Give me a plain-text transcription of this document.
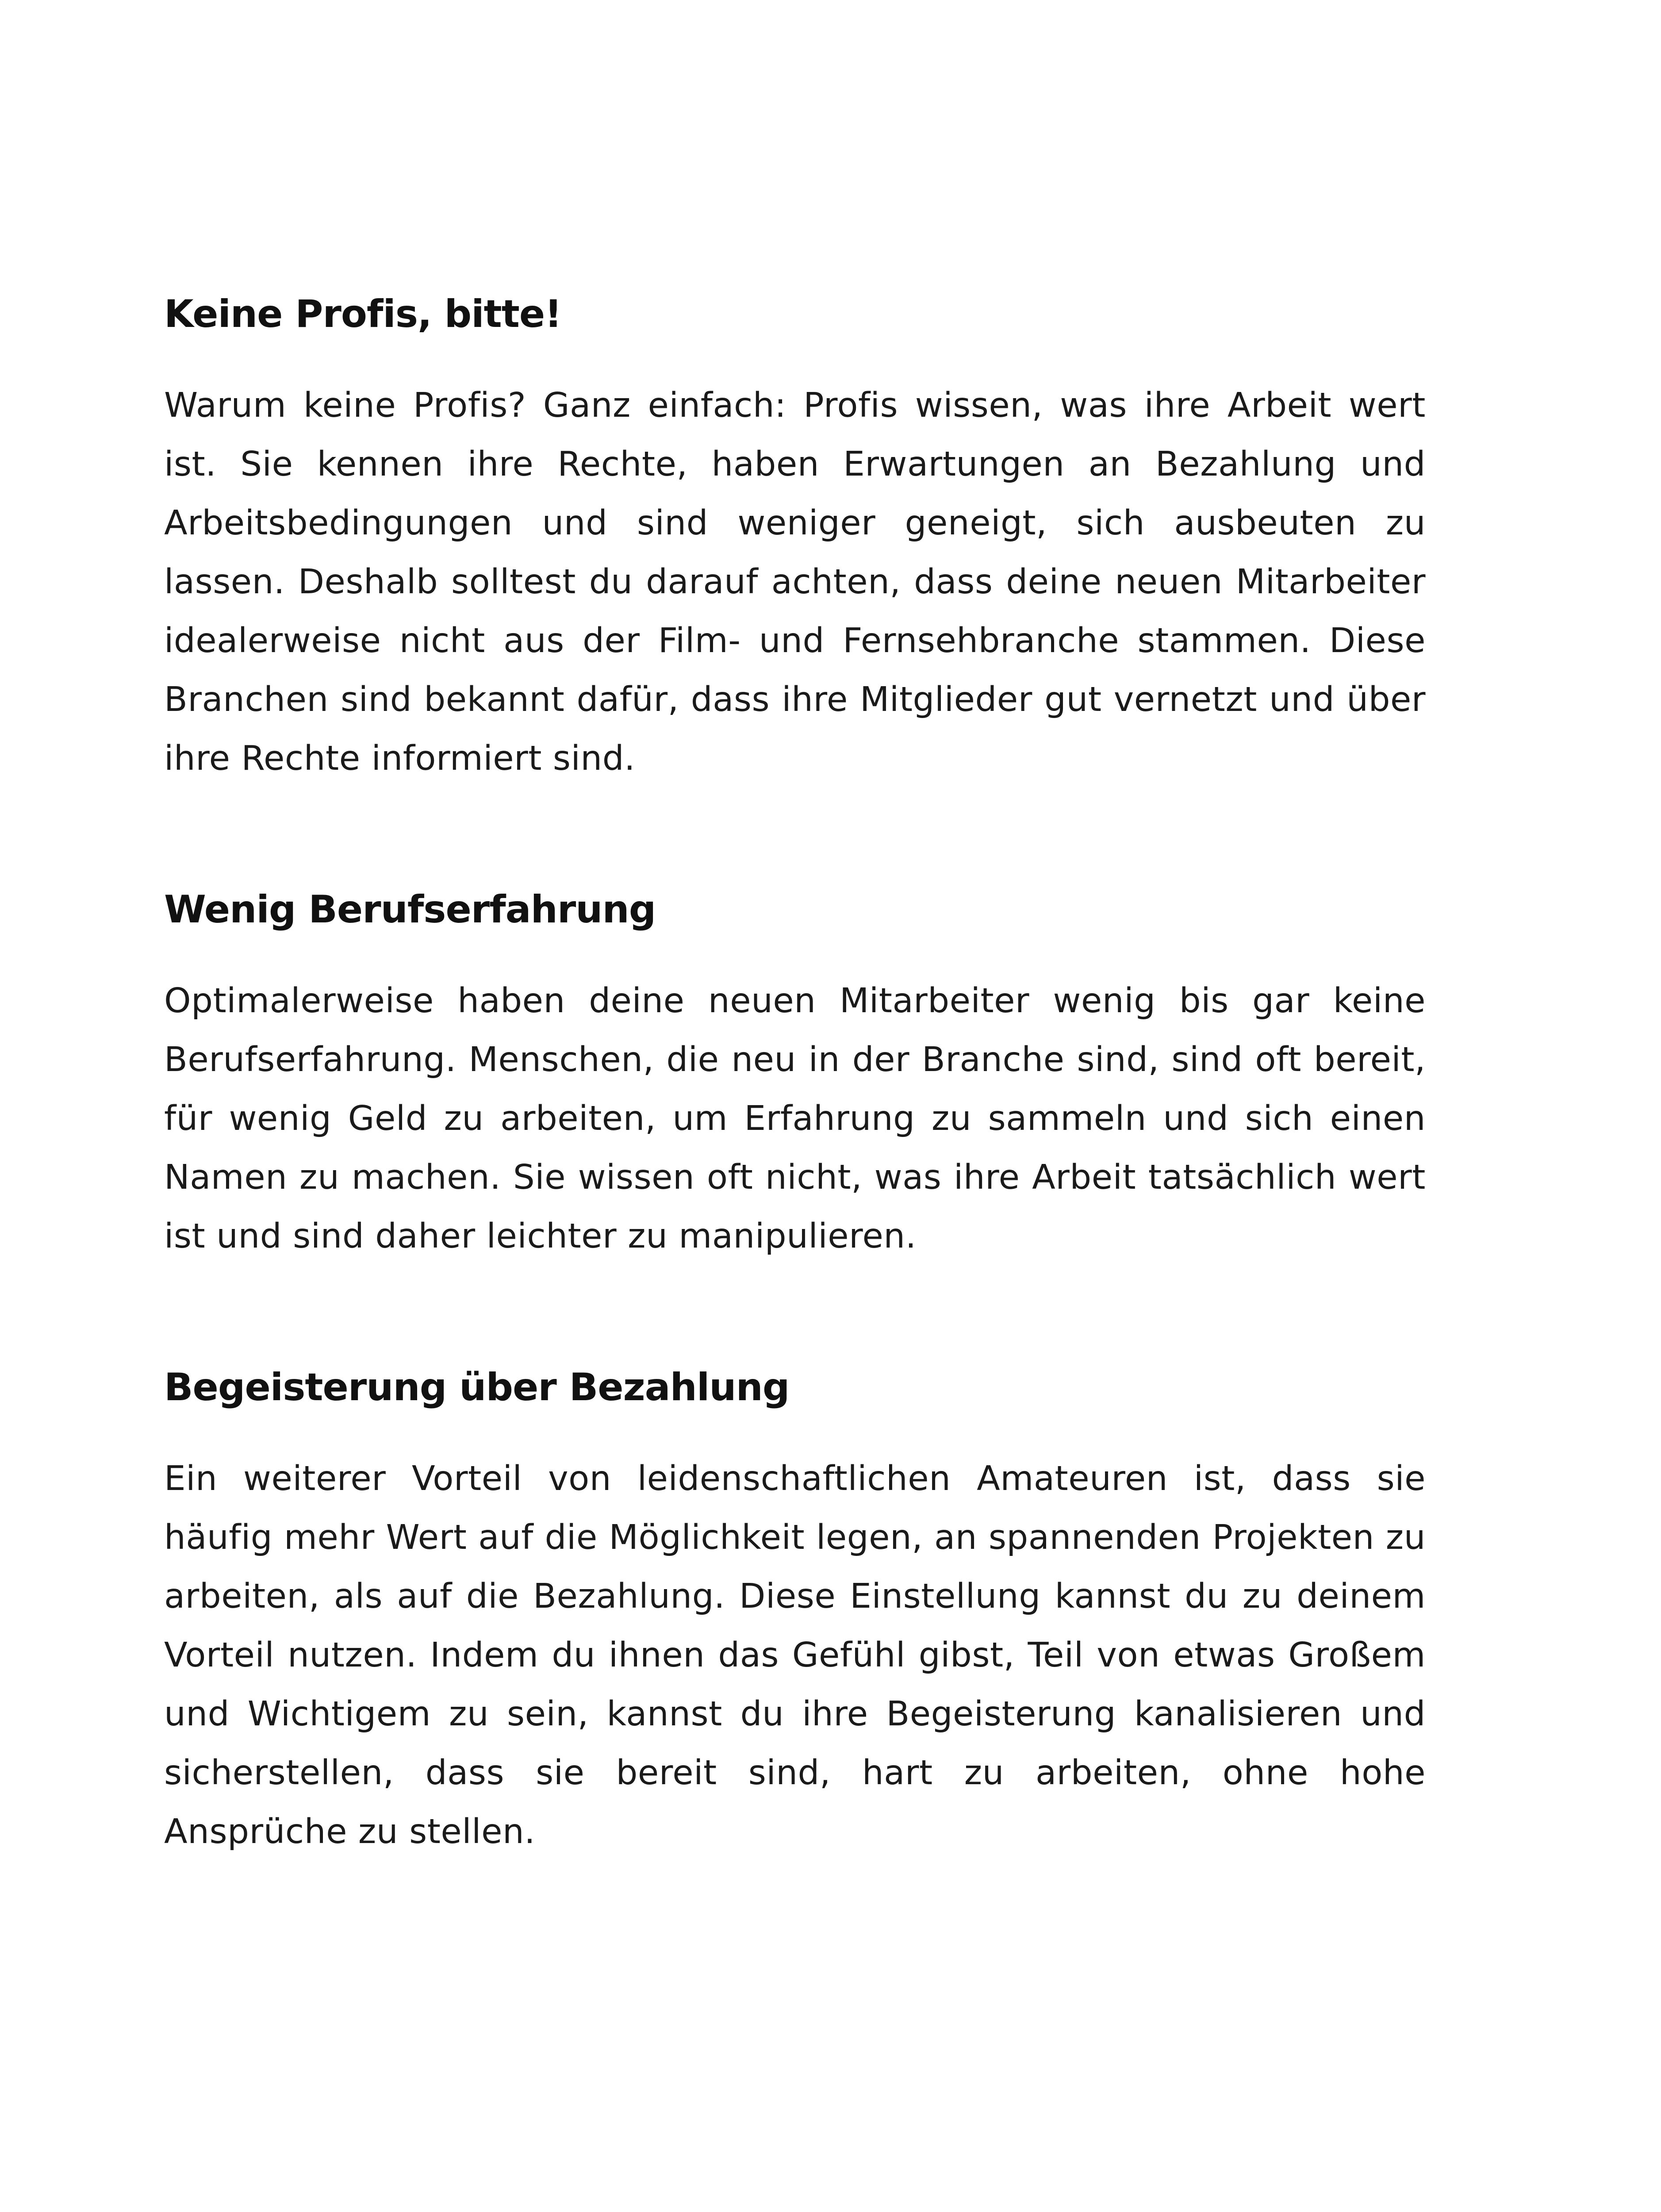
Keine Profis, bitte!

Warum keine Profis? Ganz einfach: Profis wissen, was ihre Arbeit wert ist. Sie kennen ihre Rechte, haben Erwartungen an Bezahlung und Arbeitsbedingungen und sind weniger geneigt, sich ausbeuten zu lassen. Deshalb solltest du darauf achten, dass deine neuen Mitarbeiter idealerweise nicht aus der Film- und Fernsehbranche stammen. Diese Branchen sind bekannt dafür, dass ihre Mitglieder gut vernetzt und über ihre Rechte informiert sind.

Wenig Berufserfahrung

Optimalerweise haben deine neuen Mitarbeiter wenig bis gar keine Berufserfahrung. Menschen, die neu in der Branche sind, sind oft bereit, für wenig Geld zu arbeiten, um Erfahrung zu sammeln und sich einen Namen zu machen. Sie wissen oft nicht, was ihre Arbeit tatsächlich wert ist und sind daher leichter zu manipulieren.

Begeisterung über Bezahlung

Ein weiterer Vorteil von leidenschaftlichen Amateuren ist, dass sie häufig mehr Wert auf die Möglichkeit legen, an spannenden Projekten zu arbeiten, als auf die Bezahlung. Diese Einstellung kannst du zu deinem Vorteil nutzen. Indem du ihnen das Gefühl gibst, Teil von etwas Großem und Wichtigem zu sein, kannst du ihre Begeisterung kanalisieren und sicherstellen, dass sie bereit sind, hart zu arbeiten, ohne hohe Ansprüche zu stellen.
